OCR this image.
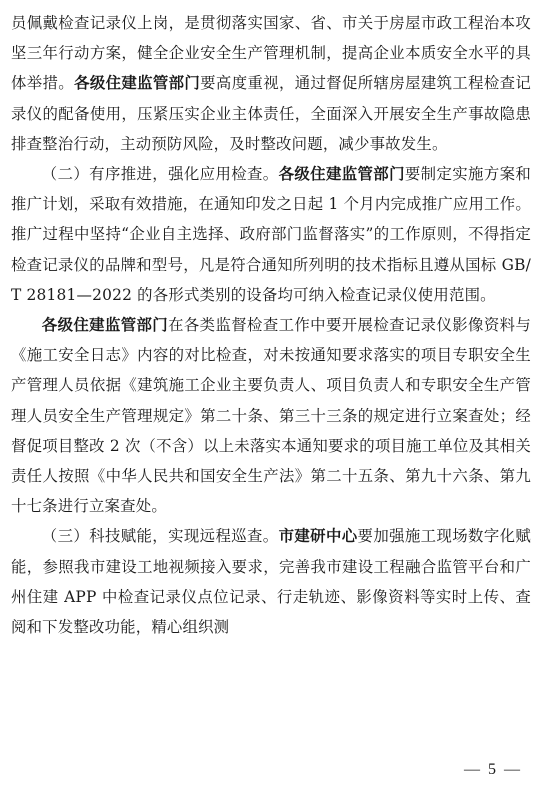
员佩戴检查记录仪上岗，是贯彻落实国家、省、市关于房屋市政工程治本攻坚三年行动方案，健全企业安全生产管理机制，提高企业本质安全水平的具体举措。各级住建监管部门要高度重视，通过督促所辖房屋建筑工程检查记录仪的配备使用，压紧压实企业主体责任，全面深入开展安全生产事故隐患排查整治行动，主动预防风险，及时整改问题，减少事故发生。

（二）有序推进，强化应用检查。各级住建监管部门要制定实施方案和推广计划，采取有效措施，在通知印发之日起 1 个月内完成推广应用工作。推广过程中坚持“企业自主选择、政府部门监督落实”的工作原则，不得指定检查记录仪的品牌和型号，凡是符合通知所列明的技术指标且遵从国标 GB/T 28181—2022 的各形式类别的设备均可纳入检查记录仪使用范围。

各级住建监管部门在各类监督检查工作中要开展检查记录仪影像资料与《施工安全日志》内容的对比检查，对未按通知要求落实的项目专职安全生产管理人员依据《建筑施工企业主要负责人、项目负责人和专职安全生产管理人员安全生产管理规定》第二十条、第三十三条的规定进行立案查处；经督促项目整改 2 次（不含）以上未落实本通知要求的项目施工单位及其相关责任人按照《中华人民共和国安全生产法》第二十五条、第九十六条、第九十七条进行立案查处。

（三）科技赋能，实现远程巡查。市建研中心要加强施工现场数字化赋能，参照我市建设工地视频接入要求，完善我市建设工程融合监管平台和广州住建 APP 中检查记录仪点位记录、行走轨迹、影像资料等实时上传、查阅和下发整改功能，精心组织测

— 5 —
